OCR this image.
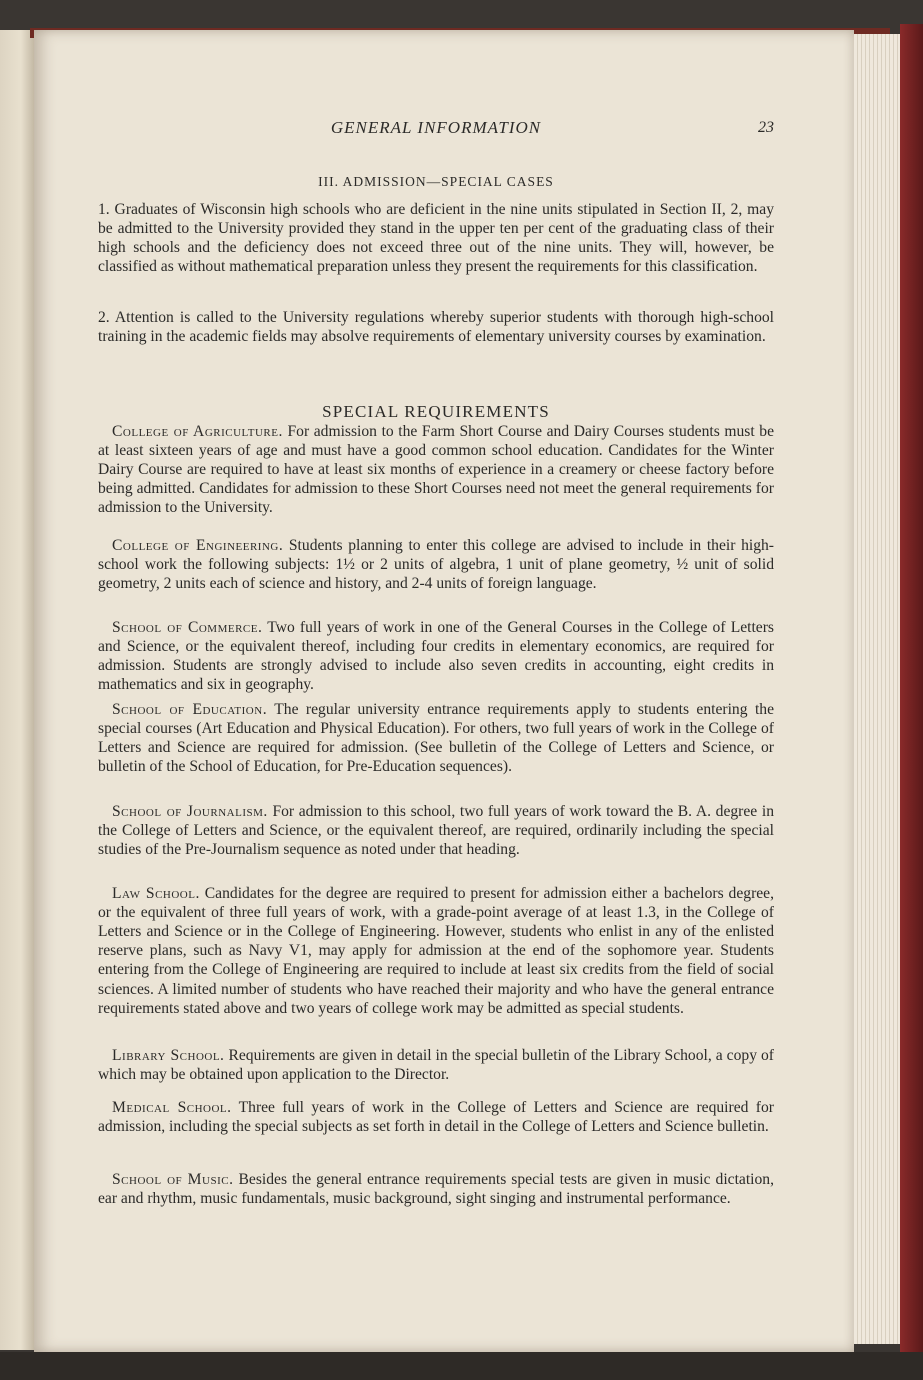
GENERAL INFORMATION	23
III. ADMISSION—SPECIAL CASES

1. Graduates of Wisconsin high schools who are deficient in the nine units stipulated in Section II, 2, may be admitted to the University provided they stand in the upper ten per cent of the graduating class of their high schools and the deficiency does not exceed three out of the nine units. They will, however, be classified as without mathematical preparation unless they present the requirements for this classification.

2. Attention is called to the University regulations whereby superior students with thorough high-school training in the academic fields may absolve requirements of elementary university courses by examination.

SPECIAL REQUIREMENTS

College of Agriculture. For admission to the Farm Short Course and Dairy Courses students must be at least sixteen years of age and must have a good common school education. Candidates for the Winter Dairy Course are required to have at least six months of experience in a creamery or cheese factory before being admitted. Candidates for admission to these Short Courses need not meet the general requirements for admission to the University.

College of Engineering. Students planning to enter this college are advised to include in their high-school work the following subjects: 1½ or 2 units of algebra, 1 unit of plane geometry, ½ unit of solid geometry, 2 units each of science and history, and 2-4 units of foreign language.

School of Commerce. Two full years of work in one of the General Courses in the College of Letters and Science, or the equivalent thereof, including four credits in elementary economics, are required for admission. Students are strongly advised to include also seven credits in accounting, eight credits in mathematics and six in geography.

School of Education. The regular university entrance requirements apply to students entering the special courses (Art Education and Physical Education). For others, two full years of work in the College of Letters and Science are required for admission. (See bulletin of the College of Letters and Science, or bulletin of the School of Education, for Pre-Education sequences).

School of Journalism. For admission to this school, two full years of work toward the B. A. degree in the College of Letters and Science, or the equivalent thereof, are required, ordinarily including the special studies of the Pre-Journalism sequence as noted under that heading.

Law School. Candidates for the degree are required to present for admission either a bachelors degree, or the equivalent of three full years of work, with a grade-point average of at least 1.3, in the College of Letters and Science or in the College of Engineering. However, students who enlist in any of the enlisted reserve plans, such as Navy V1, may apply for admission at the end of the sophomore year. Students entering from the College of Engineering are required to include at least six credits from the field of social sciences. A limited number of students who have reached their majority and who have the general entrance requirements stated above and two years of college work may be admitted as special students.

Library School. Requirements are given in detail in the special bulletin of the Library School, a copy of which may be obtained upon application to the Director.

Medical School. Three full years of work in the College of Letters and Science are required for admission, including the special subjects as set forth in detail in the College of Letters and Science bulletin.

School of Music. Besides the general entrance requirements special tests are given in music dictation, ear and rhythm, music fundamentals, music background, sight singing and instrumental performance.
